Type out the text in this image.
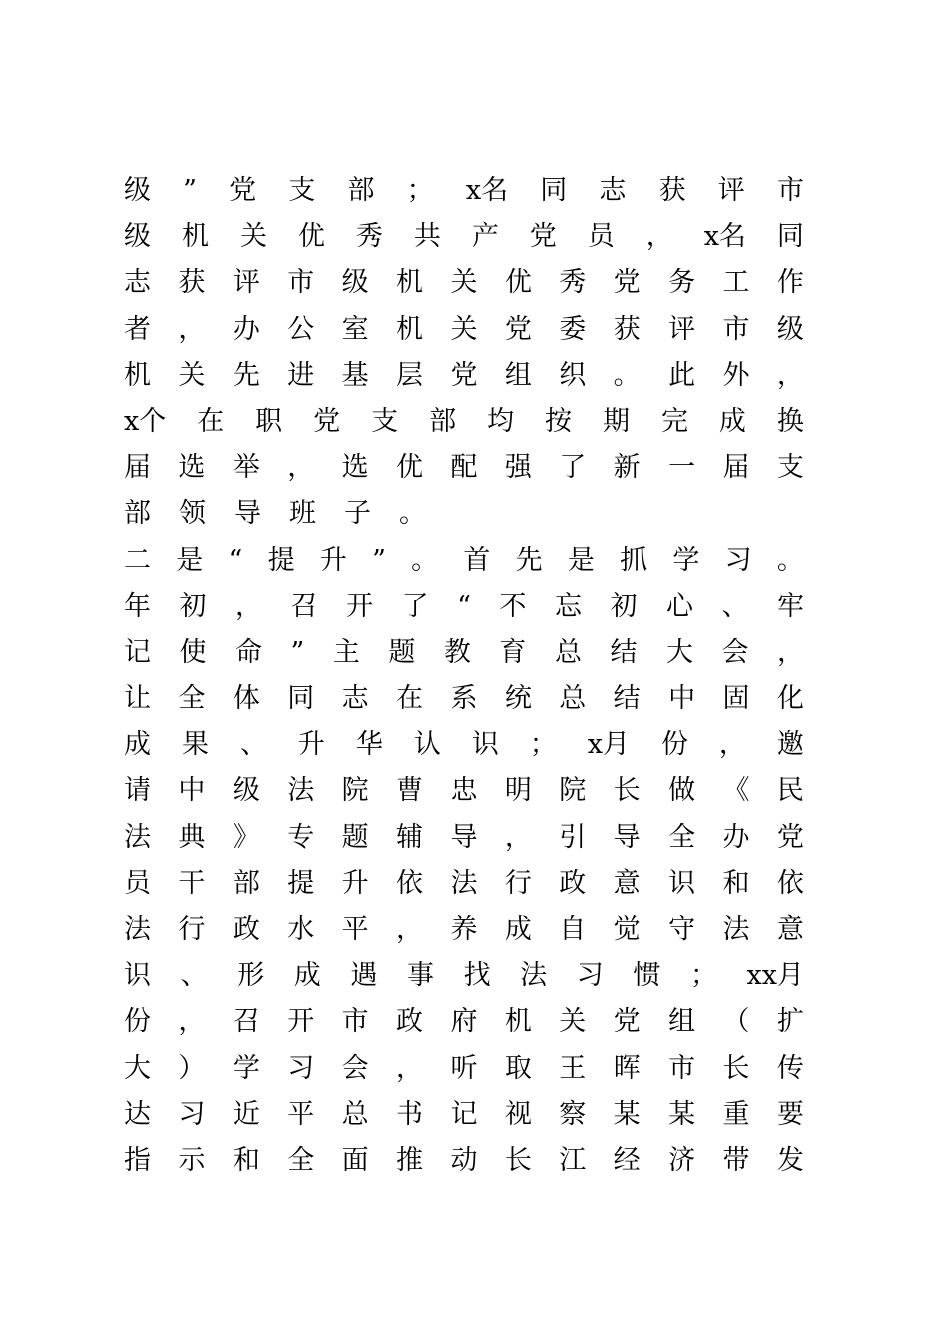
级 ” 党 支 部 ； x名 同 志 获 评 市
级 机 关 优 秀 共 产 党 员 ， x名 同
志 获 评 市 级 机 关 优 秀 党 务 工 作
者 ， 办 公 室 机 关 党 委 获 评 市 级
机 关 先 进 基 层 党 组 织 。 此 外 ，
x个 在 职 党 支 部 均 按 期 完 成 换
届 选 举 ， 选 优 配 强 了 新 一 届 支
部 领 导 班 子 。
二 是 “ 提 升 ” 。 首 先 是 抓 学 习 。
年 初 ， 召 开 了 “ 不 忘 初 心 、 牢
记 使 命 ” 主 题 教 育 总 结 大 会 ，
让 全 体 同 志 在 系 统 总 结 中 固 化
成 果 、 升 华 认 识 ； x月 份 ， 邀
请 中 级 法 院 曹 忠 明 院 长 做 《 民
法 典 》 专 题 辅 导 ， 引 导 全 办 党
员 干 部 提 升 依 法 行 政 意 识 和 依
法 行 政 水 平 ， 养 成 自 觉 守 法 意
识 、 形 成 遇 事 找 法 习 惯 ； xx月
份 ， 召 开 市 政 府 机 关 党 组 （ 扩
大 ） 学 习 会 ， 听 取 王 晖 市 长 传
达 习 近 平 总 书 记 视 察 某 某 重 要
指 示 和 全 面 推 动 长 江 经 济 带 发
